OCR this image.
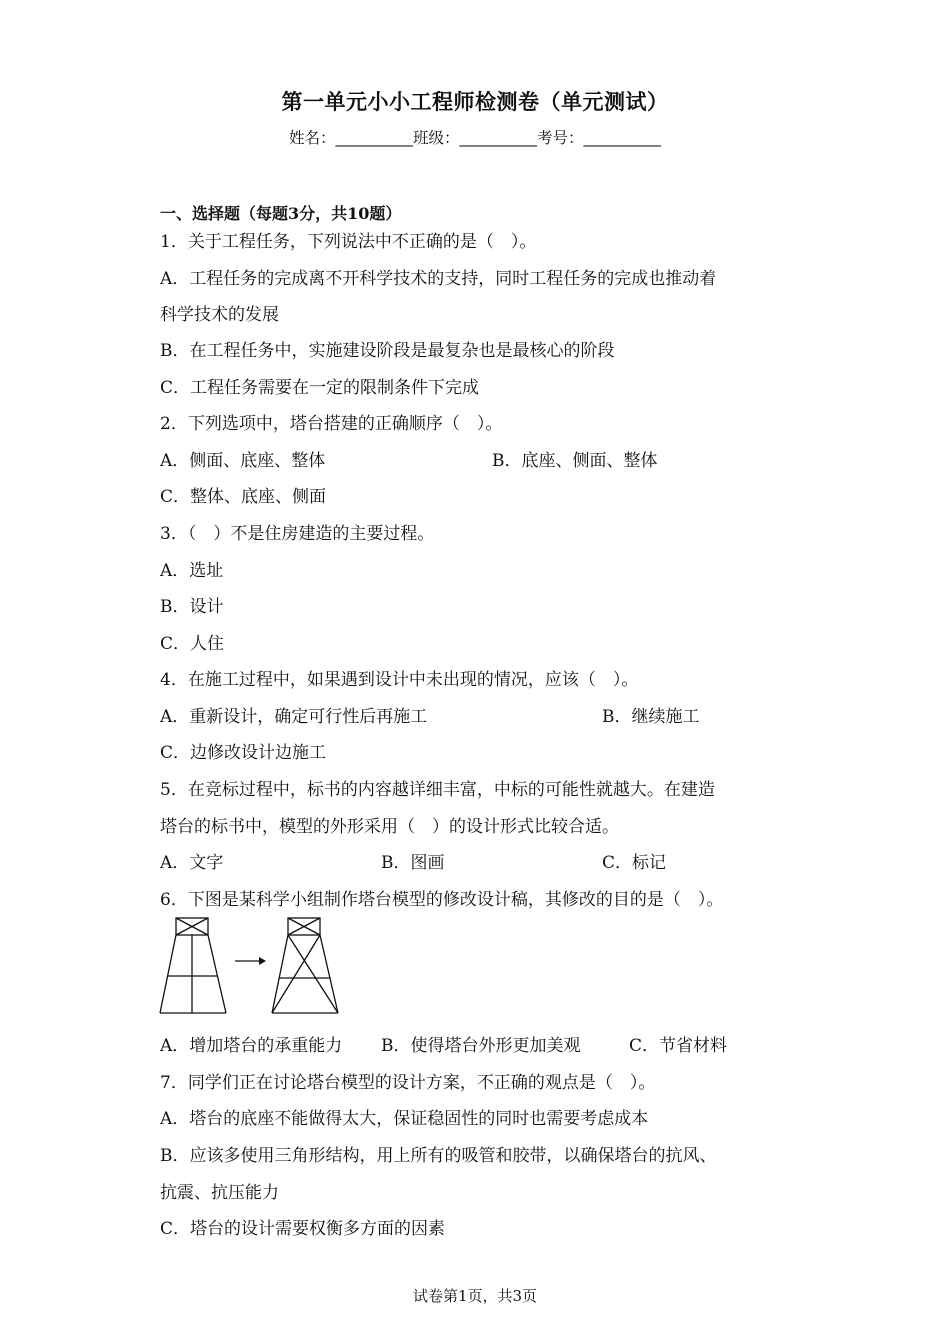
第一单元小小工程师检测卷（单元测试）
姓名：__________班级：__________考号：__________
一、选择题（每题3分，共10题）
1．关于工程任务，下列说法中不正确的是（　）。
A．工程任务的完成离不开科学技术的支持，同时工程任务的完成也推动着
科学技术的发展
B．在工程任务中，实施建设阶段是最复杂也是最核心的阶段
C．工程任务需要在一定的限制条件下完成
2．下列选项中，塔台搭建的正确顺序（　）。
A．侧面、底座、整体	B．底座、侧面、整体
C．整体、底座、侧面
3．（　）不是住房建造的主要过程。
A．选址
B．设计
C．人住
4．在施工过程中，如果遇到设计中未出现的情况，应该（　）。
A．重新设计，确定可行性后再施工	B．继续施工
C．边修改设计边施工
5．在竞标过程中，标书的内容越详细丰富，中标的可能性就越大。在建造
塔台的标书中，模型的外形采用（　）的设计形式比较合适。
A．文字	B．图画	C．标记
6．下图是某科学小组制作塔台模型的修改设计稿，其修改的目的是（　）。
A．增加塔台的承重能力 B．使得塔台外形更加美观	C．节省材料
7．同学们正在讨论塔台模型的设计方案，不正确的观点是（　）。
A．塔台的底座不能做得太大，保证稳固性的同时也需要考虑成本
B．应该多使用三角形结构，用上所有的吸管和胶带，以确保塔台的抗风、
抗震、抗压能力
C．塔台的设计需要权衡多方面的因素
试卷第1页，共3页
